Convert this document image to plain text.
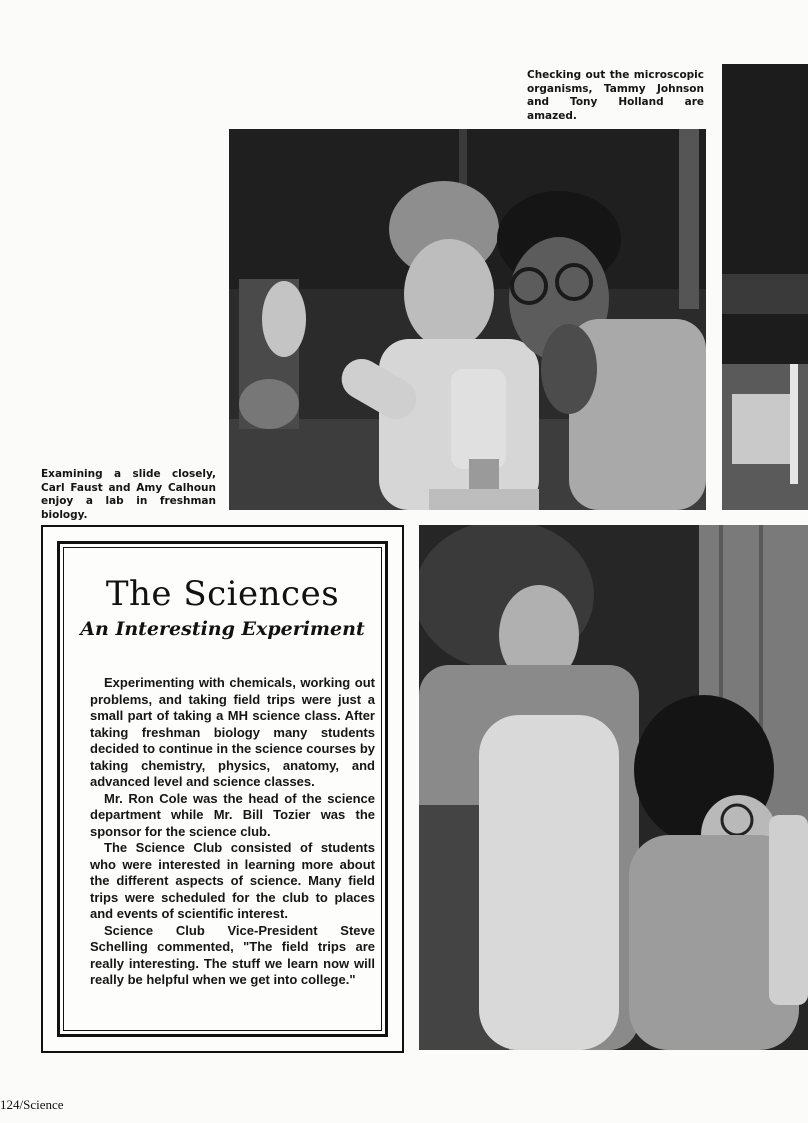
Checking out the microscopic organisms, Tammy Johnson and Tony Holland are amazed.

Examining a slide closely, Carl Faust and Amy Calhoun enjoy a lab in freshman biology.

The Sciences
An Interesting Experiment

Experimenting with chemicals, working out problems, and taking field trips were just a small part of taking a MH science class. After taking freshman biology many students decided to continue in the science courses by taking chemistry, physics, anatomy, and advanced level and science classes.

Mr. Ron Cole was the head of the science department while Mr. Bill Tozier was the sponsor for the science club.

The Science Club consisted of students who were interested in learning more about the different aspects of science. Many field trips were scheduled for the club to places and events of scientific interest.

Science Club Vice-President Steve Schelling commented, "The field trips are really interesting. The stuff we learn now will really be helpful when we get into college."

124/Science
